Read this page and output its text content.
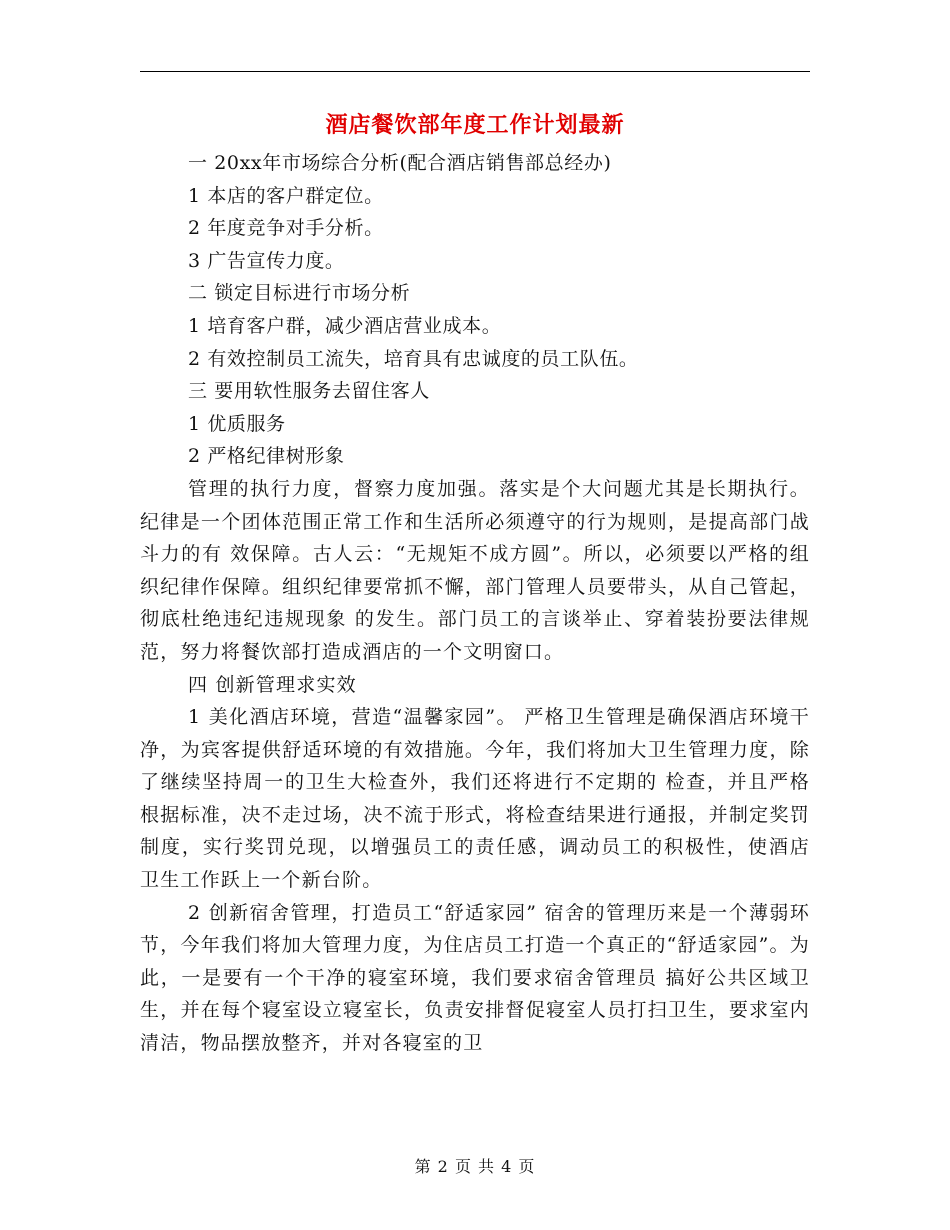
酒店餐饮部年度工作计划最新
一 20xx年市场综合分析(配合酒店销售部总经办)
1 本店的客户群定位。
2 年度竞争对手分析。
3 广告宣传力度。
二 锁定目标进行市场分析
1 培育客户群，减少酒店营业成本。
2 有效控制员工流失，培育具有忠诚度的员工队伍。
三 要用软性服务去留住客人
1 优质服务
2 严格纪律树形象

管理的执行力度，督察力度加强。落实是个大问题尤其是长期执行。纪律是一个团体范围正常工作和生活所必须遵守的行为规则，是提高部门战斗力的有 效保障。古人云：“无规矩不成方圆”。所以，必须要以严格的组织纪律作保障。组织纪律要常抓不懈，部门管理人员要带头，从自己管起，彻底杜绝违纪违规现象 的发生。部门员工的言谈举止、穿着装扮要法律规范，努力将餐饮部打造成酒店的一个文明窗口。

四 创新管理求实效

1 美化酒店环境，营造“温馨家园”。 严格卫生管理是确保酒店环境干净，为宾客提供舒适环境的有效措施。今年，我们将加大卫生管理力度，除了继续坚持周一的卫生大检查外，我们还将进行不定期的 检查，并且严格根据标准，决不走过场，决不流于形式，将检查结果进行通报，并制定奖罚制度，实行奖罚兑现，以增强员工的责任感，调动员工的积极性，使酒店 卫生工作跃上一个新台阶。

2 创新宿舍管理，打造员工“舒适家园” 宿舍的管理历来是一个薄弱环节，今年我们将加大管理力度，为住店员工打造一个真正的“舒适家园”。为此，一是要有一个干净的寝室环境，我们要求宿舍管理员 搞好公共区域卫生，并在每个寝室设立寝室长，负责安排督促寝室人员打扫卫生，要求室内清洁，物品摆放整齐，并对各寝室的卫

第 2 页 共 4 页
